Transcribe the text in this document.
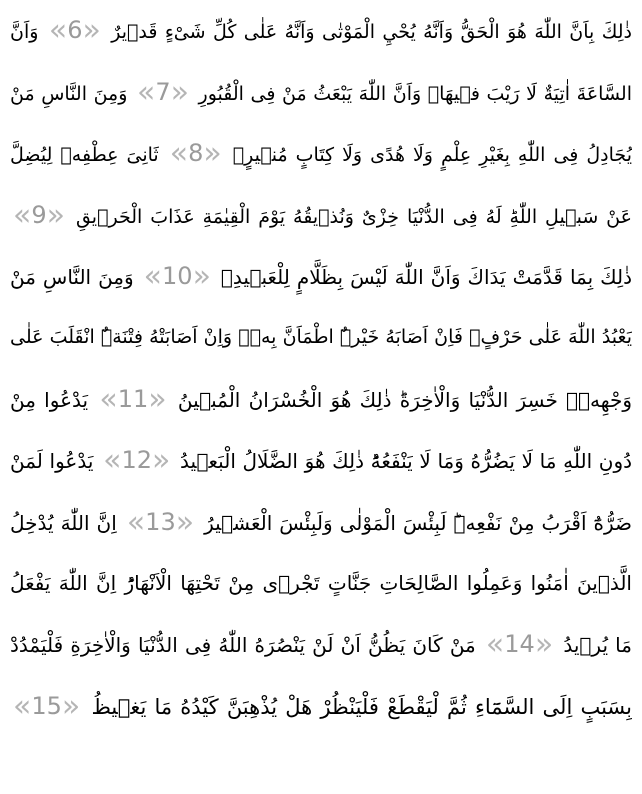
ذٰلِكَ بِاَنَّ اللّٰهَ هُوَ الْحَقُّ وَاَنَّهُ يُحْيِ الْمَوْتٰى وَاَنَّهُ عَلٰى كُلِّ شَیْءٍ قَدٖيرٌ «6» وَاَنَّ
السَّاعَةَ اٰتِيَةٌ لَا رَيْبَ فٖيهَاۙ وَاَنَّ اللّٰهَ يَبْعَثُ مَنْ فِی الْقُبُورِ «7» وَمِنَ النَّاسِ مَنْ
يُجَادِلُ فِی اللّٰهِ بِغَيْرِ عِلْمٍ وَلَا هُدًى وَلَا كِتَابٍ مُنٖيرٍۙ «8» ثَانِیَ عِطْفِهٖ لِيُضِلَّ
عَنْ سَبٖيلِ اللّٰهِؕ لَهُ فِی الدُّنْيَا خِزْیٌ وَنُذٖيقُهُ يَوْمَ الْقِيٰمَةِ عَذَابَ الْحَرٖيقِ «9»
ذٰلِكَ بِمَا قَدَّمَتْ يَدَاكَ وَاَنَّ اللّٰهَ لَيْسَ بِظَلَّامٍ لِلْعَبٖيدِۙ «10» وَمِنَ النَّاسِ مَنْ
يَعْبُدُ اللّٰهَ عَلٰى حَرْفٍۚ فَاِنْ اَصَابَهُ خَيْرٌۨ اطْمَاَنَّ بِهٖۚ وَاِنْ اَصَابَتْهُ فِتْنَةٌۨ انْقَلَبَ عَلٰى
وَجْهِهٖۜ خَسِرَ الدُّنْيَا وَالْاٰخِرَةَؕ ذٰلِكَ هُوَ الْخُسْرَانُ الْمُبٖينُ «11» يَدْعُوا مِنْ
دُونِ اللّٰهِ مَا لَا يَضُرُّهُ وَمَا لَا يَنْفَعُهُؕ ذٰلِكَ هُوَ الضَّلَالُ الْبَعٖيدُ «12» يَدْعُوا لَمَنْ
ضَرُّهُٓ اَقْرَبُ مِنْ نَفْعِهٖؕ لَبِئْسَ الْمَوْلٰى وَلَبِئْسَ الْعَشٖيرُ «13» اِنَّ اللّٰهَ يُدْخِلُ
الَّذٖينَ اٰمَنُوا وَعَمِلُوا الصَّالِحَاتِ جَنَّاتٍ تَجْرٖی مِنْ تَحْتِهَا الْاَنْهَارُؕ اِنَّ اللّٰهَ يَفْعَلُ
مَا يُرٖيدُ «14» مَنْ كَانَ يَظُنُّ اَنْ لَنْ يَنْصُرَهُ اللّٰهُ فِی الدُّنْيَا وَالْاٰخِرَةِ فَلْيَمْدُدْ
بِسَبَبٍ اِلَى السَّمَٓاءِ ثُمَّ لْيَقْطَعْ فَلْيَنْظُرْ هَلْ يُذْهِبَنَّ كَيْدُهُ مَا يَغٖيظُ «15»
